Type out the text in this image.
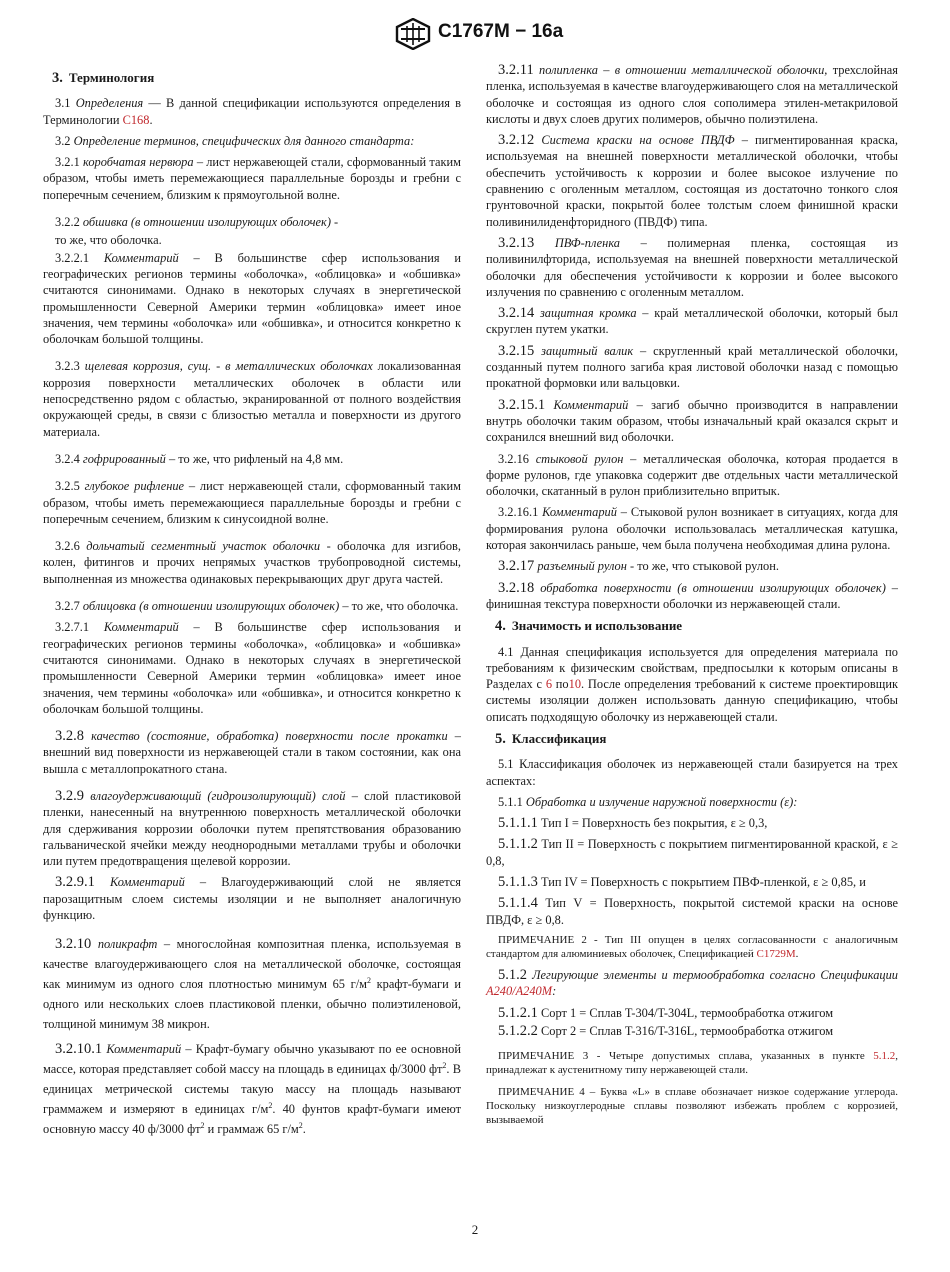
C1767M − 16a
3. Терминология

3.1 Определения — В данной спецификации используются определения в Терминологии C168.

3.2 Определение терминов, специфических для данного стандарта:

3.2.1 коробчатая нервюра – лист нержавеющей стали, сформованный таким образом, чтобы иметь перемежающиеся параллельные борозды и гребни с поперечным сечением, близким к прямоугольной волне.

3.2.2 обшивка (в отношении изолирующих оболочек) -

то же, что оболочка.

3.2.2.1 Комментарий – В большинстве сфер использования и географических регионов термины «оболочка», «облицовка» и «обшивка» считаются синонимами. Однако в некоторых случаях в энергетической промышленности Северной Америки термин «облицовка» имеет иное значения, чем термины «оболочка» или «обшивка», и относится конкретно к оболочкам большой толщины.

3.2.3 щелевая коррозия, сущ. - в металлических оболочках локализованная коррозия поверхности металлических оболочек в области или непосредственно рядом с областью, экранированной от полного воздействия окружающей среды, в связи с близостью металла и поверхности из другого материала.

3.2.4 гофрированный – то же, что рифленый на 4,8 мм.

3.2.5 глубокое рифление – лист нержавеющей стали, сформованный таким образом, чтобы иметь перемежающиеся параллельные борозды и гребни с поперечным сечением, близким к синусоидной волне.

3.2.6 дольчатый сегментный участок оболочки - оболочка для изгибов, колен, фитингов и прочих непрямых участков трубопроводной системы, выполненная из множества одинаковых перекрывающих друг друга частей.

3.2.7 облицовка (в отношении изолирующих оболочек) – то же, что оболочка.

3.2.7.1 Комментарий – В большинстве сфер использования и географических регионов термины «оболочка», «облицовка» и «обшивка» считаются синонимами. Однако в некоторых случаях в энергетической промышленности Северной Америки термин «облицовка» имеет иное значения, чем термины «оболочка» или «обшивка», и относится конкретно к оболочкам большой толщины.

3.2.8 качество (состояние, обработка) поверхности после прокатки – внешний вид поверхности из нержавеющей стали в таком состоянии, как она вышла с металлопрокатного стана.

3.2.9 влагоудерживающий (гидроизолирующий) слой – слой пластиковой пленки, нанесенный на внутреннюю поверхность металлической оболочки для сдерживания коррозии оболочки путем препятствования образованию гальванической ячейки между неоднородными металлами трубы и оболочки или путем предотвращения щелевой коррозии.

3.2.9.1 Комментарий – Влагоудерживающий слой не является парозащитным слоем системы изоляции и не выполняет аналогичную функцию.

3.2.10 поликрафт – многослойная композитная пленка, используемая в качестве влагоудерживающего слоя на металлической оболочке, состоящая как минимум из одного слоя плотностью минимум 65 $г/м^2$ крафт-бумаги и одного или нескольких слоев пластиковой пленки, обычно полиэтиленовой, толщиной минимум 38 микрон.

3.2.10.1 Комментарий – Крафт-бумагу обычно указывают по ее основной массе, которая представляет собой массу на площадь в единицах ф/3000 $фт^2$. В единицах метрической системы такую массу на площадь называют граммажем и измеряют в единицах $г/м^2$. 40 фунтов крафт-бумаги имеют основную массу 40 ф/3000 $фт^2$ и граммаж 65 $г/м^2$.

3.2.11 полипленка – в отношении металлической оболочки, трехслойная пленка, используемая в качестве влагоудерживающего слоя на металлической оболочке и состоящая из одного слоя сополимера этилен-метакриловой кислоты и двух слоев других полимеров, обычно полиэтилена.

3.2.12 Система краски на основе ПВДФ – пигментированная краска, используемая на внешней поверхности металлической оболочки, чтобы обеспечить устойчивость к коррозии и более высокое излучение по сравнению с оголенным металлом, состоящая из достаточно тонкого слоя грунтовочной краски, покрытой более толстым слоем финишной краски поливинилиденфторидного (ПВДФ) типа.

3.2.13 ПВФ-пленка – полимерная пленка, состоящая из поливинилфторида, используемая на внешней поверхности металлической оболочки для обеспечения устойчивости к коррозии и более высокого излучения по сравнению с оголенным металлом.

3.2.14 защитная кромка – край металлической оболочки, который был скруглен путем укатки.

3.2.15 защитный валик – скругленный край металлической оболочки, созданный путем полного загиба края листовой оболочки назад с помощью прокатной формовки или вальцовки.

3.2.15.1 Комментарий – загиб обычно производится в направлении внутрь оболочки таким образом, чтобы изначальный край оказался скрыт и сохранился внешний вид оболочки.

3.2.16 стыковой рулон – металлическая оболочка, которая продается в форме рулонов, где упаковка содержит две отдельных части металлической оболочки, скатанный в рулон приблизительно впритык.

3.2.16.1 Комментарий – Стыковой рулон возникает в ситуациях, когда для формирования рулона оболочки использовалась металлическая катушка, которая закончилась раньше, чем была получена необходимая длина рулона.

3.2.17 разъемный рулон - то же, что стыковой рулон.

3.2.18 обработка поверхности (в отношении изолирующих оболочек) – финишная текстура поверхности оболочки из нержавеющей стали.

4. Значимость и использование

4.1 Данная спецификация используется для определения материала по требованиям к физическим свойствам, предпосылки к которым описаны в Разделах с 6 по10. После определения требований к системе проектировщик системы изоляции должен использовать данную спецификацию, чтобы описать подходящую оболочку из нержавеющей стали.

5. Классификация

5.1 Классификация оболочек из нержавеющей стали базируется на трех аспектах:

5.1.1 Обработка и излучение наружной поверхности (ε):

5.1.1.1 Тип I = Поверхность без покрытия, ε ≥ 0,3,

5.1.1.2 Тип II = Поверхность с покрытием пигментированной краской, ε ≥ 0,8,

5.1.1.3 Тип IV = Поверхность с покрытием ПВФ-пленкой, ε ≥ 0,85, и

5.1.1.4 Тип V = Поверхность, покрытой системой краски на основе ПВДФ, ε ≥ 0,8.

ПРИМЕЧАНИЕ 2 - Тип III опущен в целях согласованности с аналогичным стандартом для алюминиевых оболочек, Спецификацией C1729M.

5.1.2 Легирующие элементы и термообработка согласно Спецификации A240/A240M:

5.1.2.1 Сорт 1 = Сплав T-304/T-304L, термообработка отжигом

5.1.2.2 Сорт 2 = Сплав T-316/T-316L, термообработка отжигом

ПРИМЕЧАНИЕ 3 - Четыре допустимых сплава, указанных в пункте 5.1.2, принадлежат к аустенитному типу нержавеющей стали.

ПРИМЕЧАНИЕ 4 – Буква «L» в сплаве обозначает низкое содержание углерода. Поскольку низкоуглеродные сплавы позволяют избежать проблем с коррозией, вызываемой

2
